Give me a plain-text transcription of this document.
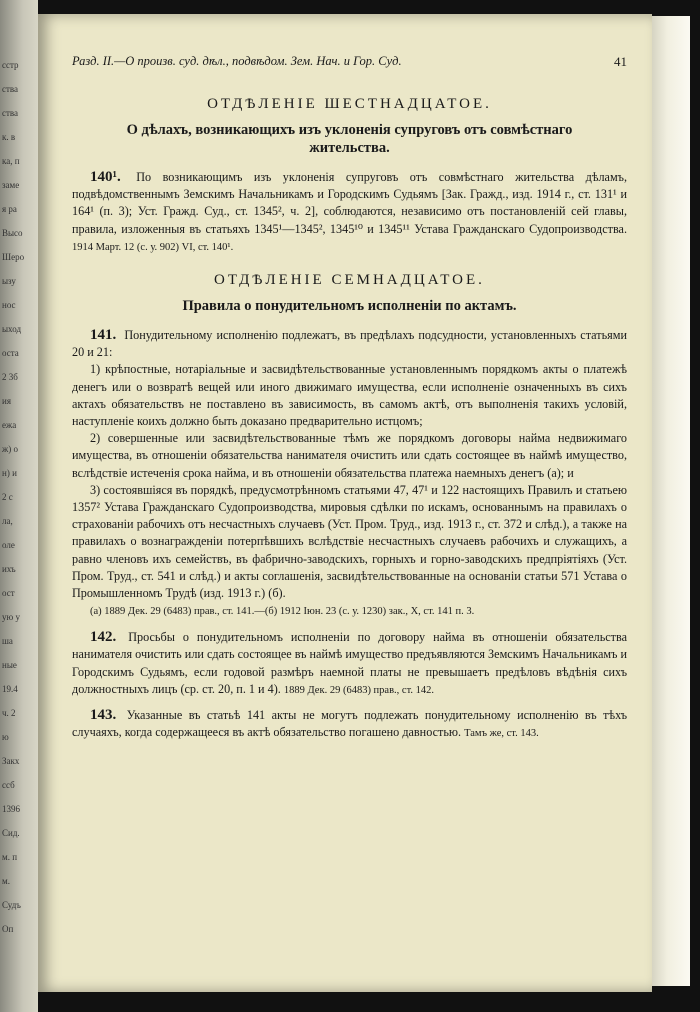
сстр
ства
ства
к. в
ка, п
заме
я ра
Высо
Шеро
ызу
нос
ыход
оста
2 3б
ия
ежа
ж) о
н) и
2 с
ла,
оле
ихъ
ост
ую у
ша
ные
19.4
ч. 2
ю
Закх
ссб
1396
Сид.
м. п
м.
Судъ
Оп
Разд. II.—О произв. суд. дѣл., подвѣдом. Зем. Нач. и Гор. Суд.	41
ОТДѢЛЕНІЕ ШЕСТНАДЦАТОЕ.
О дѣлахъ, возникающихъ изъ уклоненія супруговъ отъ совмѣстнаго жительства.

140¹. По возникающимъ изъ уклоненія супруговъ отъ совмѣстнаго жительства дѣламъ, подвѣдомственнымъ Земскимъ Начальникамъ и Городскимъ Судьямъ [Зак. Гражд., изд. 1914 г., ст. 131¹ и 164¹ (п. 3); Уст. Гражд. Суд., ст. 1345², ч. 2], соблюдаются, независимо отъ постановленій сей главы, правила, изложенныя въ статьяхъ 1345¹—1345², 1345¹⁰ и 1345¹¹ Устава Гражданскаго Судопроизводства. 1914 Март. 12 (с. у. 902) VI, ст. 140¹.

ОТДѢЛЕНІЕ СЕМНАДЦАТОЕ.
Правила о понудительномъ исполненіи по актамъ.

141. Понудительному исполненію подлежатъ, въ предѣлахъ подсудности, установленныхъ статьями 20 и 21:

1) крѣпостные, нотаріальные и засвидѣтельствованные установленнымъ порядкомъ акты о платежѣ денегъ или о возвратѣ вещей или иного движимаго имущества, если исполненіе означенныхъ въ сихъ актахъ обязательствъ не поставлено въ зависимость, въ самомъ актѣ, отъ выполненія такихъ условій, наступленіе коихъ должно быть доказано предварительно истцомъ;

2) совершенные или засвидѣтельствованные тѣмъ же порядкомъ договоры найма недвижимаго имущества, въ отношеніи обязательства нанимателя очистить или сдать состоящее въ наймѣ имущество, вслѣдствіе истеченія срока найма, и въ отношеніи обязательства платежа наемныхъ денегъ (а); и

3) состоявшіяся въ порядкѣ, предусмотрѣнномъ статьями 47, 47¹ и 122 настоящихъ Правилъ и статьею 1357² Устава Гражданскаго Судопроизводства, мировыя сдѣлки по искамъ, основаннымъ на правилахъ о страхованіи рабочихъ отъ несчастныхъ случаевъ (Уст. Пром. Труд., изд. 1913 г., ст. 372 и слѣд.), а также на правилахъ о вознагражденіи потерпѣвшихъ вслѣдствіе несчастныхъ случаевъ рабочихъ и служащихъ, а равно членовъ ихъ семействъ, въ фабрично-заводскихъ, горныхъ и горно-заводскихъ предпріятіяхъ (Уст. Пром. Труд., ст. 541 и слѣд.) и акты соглашенія, засвидѣтельствованные на основаніи статьи 571 Устава о Промышленномъ Трудѣ (изд. 1913 г.) (б).

(а) 1889 Дек. 29 (6483) прав., ст. 141.—(б) 1912 Іюн. 23 (с. у. 1230) зак., X, ст. 141 п. 3.

142. Просьбы о понудительномъ исполненіи по договору найма въ отношеніи обязательства нанимателя очистить или сдать состоящее въ наймѣ имущество предъявляются Земскимъ Начальникамъ и Городскимъ Судьямъ, если годовой размѣръ наемной платы не превышаетъ предѣловъ вѣдѣнія сихъ должностныхъ лицъ (ср. ст. 20, п. 1 и 4). 1889 Дек. 29 (6483) прав., ст. 142.

143. Указанные въ статьѣ 141 акты не могутъ подлежать понудительному исполненію въ тѣхъ случаяхъ, когда содержащееся въ актѣ обязательство погашено давностью. Тамъ же, ст. 143.
